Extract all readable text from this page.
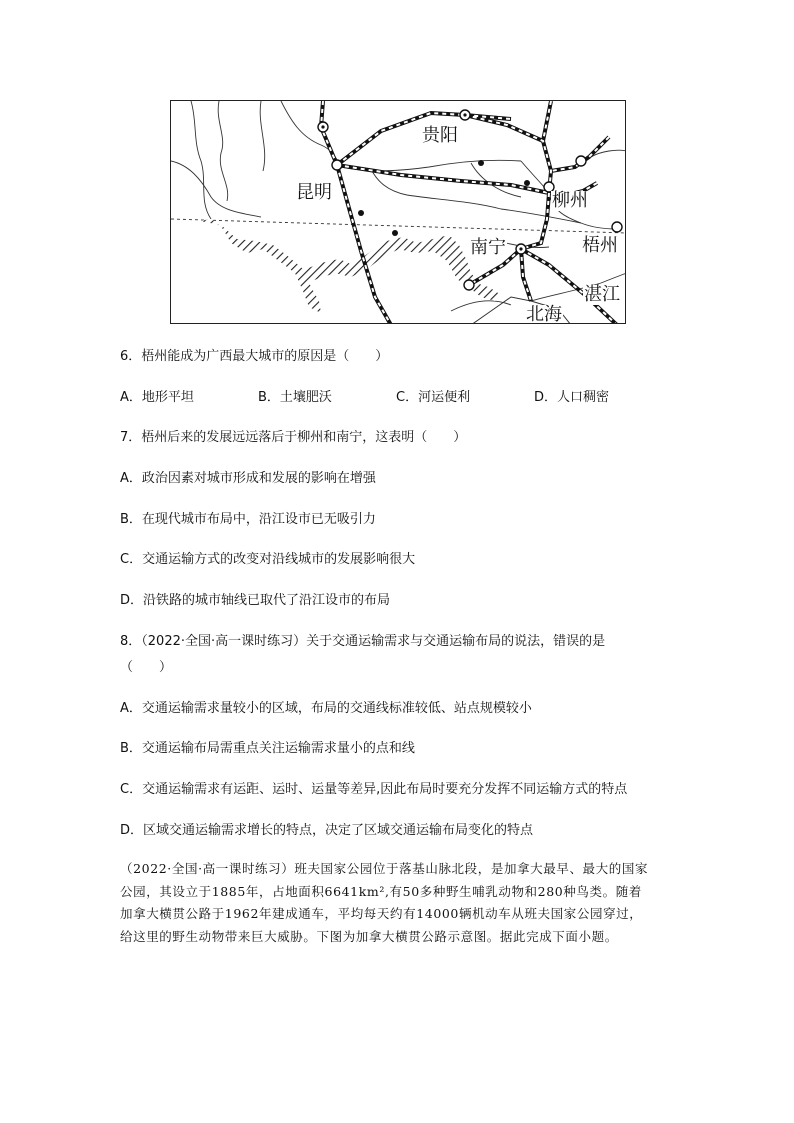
贵阳
昆明	柳州
南宁	梧州
湛江
北海
6．梧州能成为广西最大城市的原因是（　　）
A．地形平坦	B．土壤肥沃	C．河运便利	D．人口稠密
7．梧州后来的发展远远落后于柳州和南宁，这表明（　　）
A．政治因素对城市形成和发展的影响在增强
B．在现代城市布局中，沿江设市已无吸引力
C．交通运输方式的改变对沿线城市的发展影响很大
D．沿铁路的城市轴线已取代了沿江设市的布局
8．（2022·全国·高一课时练习）关于交通运输需求与交通运输布局的说法，错误的是
（　　）
A．交通运输需求量较小的区域，布局的交通线标准较低、站点规模较小
B．交通运输布局需重点关注运输需求量小的点和线
C．交通运输需求有运距、运时、运量等差异,因此布局时要充分发挥不同运输方式的特点
D．区域交通运输需求增长的特点，决定了区域交通运输布局变化的特点
（2022·全国·高一课时练习）班夫国家公园位于落基山脉北段，是加拿大最早、最大的国家
公园，其设立于1885年，占地面积6641km²,有50多种野生哺乳动物和280种鸟类。随着
加拿大横贯公路于1962年建成通车，平均每天约有14000辆机动车从班夫国家公园穿过，
给这里的野生动物带来巨大威胁。下图为加拿大横贯公路示意图。据此完成下面小题。
